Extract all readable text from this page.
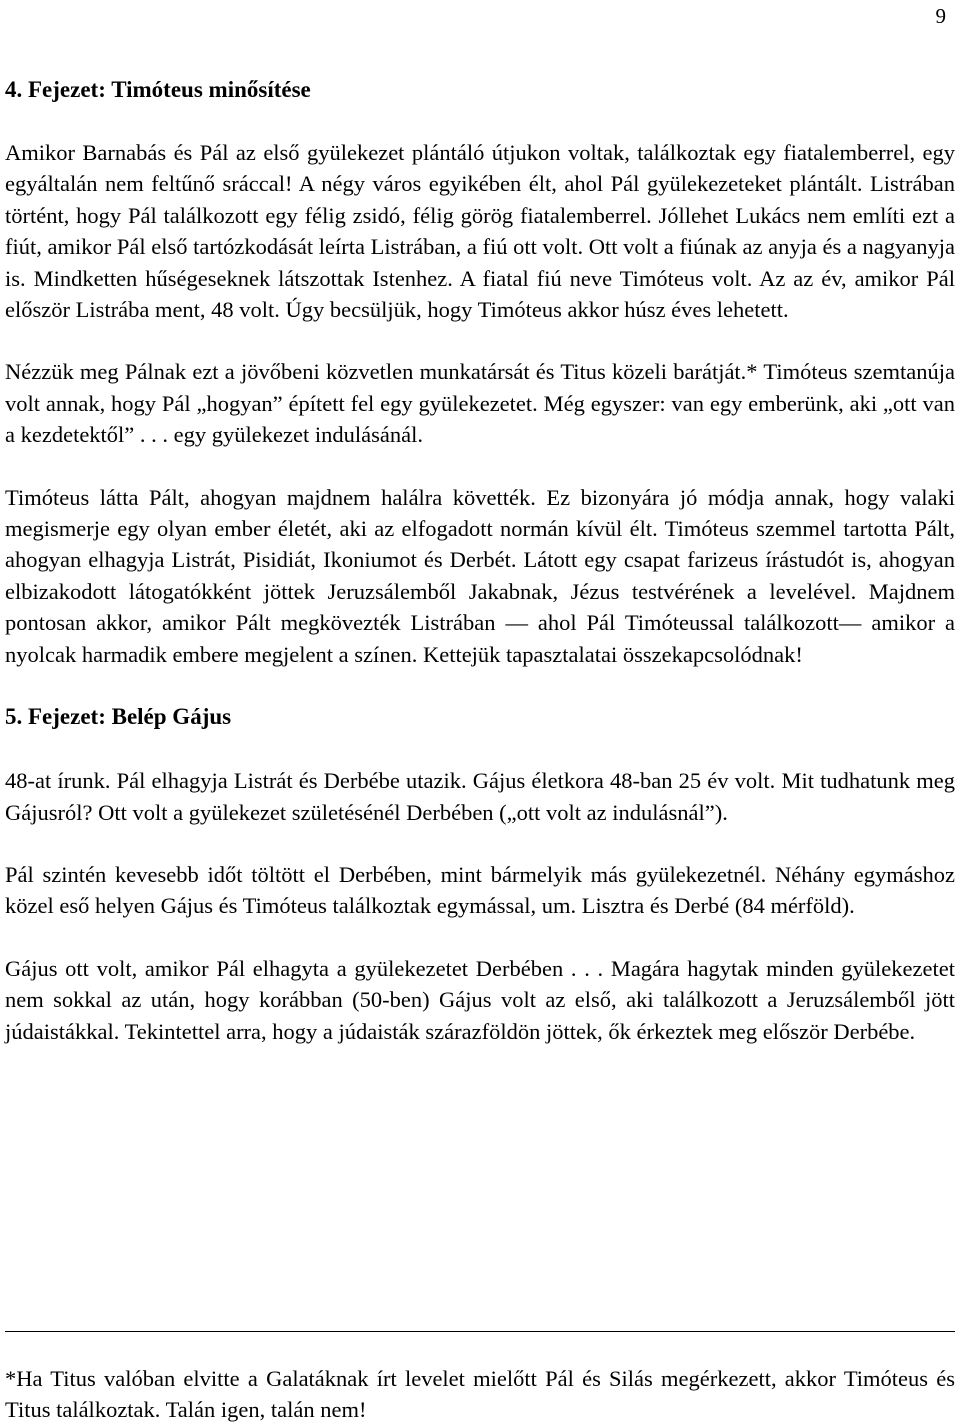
9
4. Fejezet: Timóteus minősítése

Amikor Barnabás és Pál az első gyülekezet plántáló útjukon voltak, találkoztak egy fiatalemberrel, egy egyáltalán nem feltűnő sráccal! A négy város egyikében élt, ahol Pál gyülekezeteket plántált. Listrában történt, hogy Pál találkozott egy félig zsidó, félig görög fiatalemberrel. Jóllehet Lukács nem említi ezt a fiút, amikor Pál első tartózkodását leírta Listrában, a fiú ott volt. Ott volt a fiúnak az anyja és a nagyanyja is. Mindketten hűségeseknek látszottak Istenhez. A fiatal fiú neve Timóteus volt. Az az év, amikor Pál először Listrába ment, 48 volt. Úgy becsüljük, hogy Timóteus akkor húsz éves lehetett.

Nézzük meg Pálnak ezt a jövőbeni közvetlen munkatársát és Titus közeli barátját.* Timóteus szemtanúja volt annak, hogy Pál „hogyan” épített fel egy gyülekezetet. Még egyszer: van egy emberünk, aki „ott van a kezdetektől” . . . egy gyülekezet indulásánál.

Timóteus látta Pált, ahogyan majdnem halálra követték. Ez bizonyára jó módja annak, hogy valaki megismerje egy olyan ember életét, aki az elfogadott normán kívül élt. Timóteus szemmel tartotta Pált, ahogyan elhagyja Listrát, Pisidiát, Ikoniumot és Derbét. Látott egy csapat farizeus írástudót is, ahogyan elbizakodott látogatókként jöttek Jeruzsálemből Jakabnak, Jézus testvérének a levelével. Majdnem pontosan akkor, amikor Pált megkövezték Listrában — ahol Pál Timóteussal találkozott— amikor a nyolcak harmadik embere megjelent a színen. Kettejük tapasztalatai összekapcsolódnak!

5. Fejezet: Belép Gájus

48-at írunk. Pál elhagyja Listrát és Derbébe utazik. Gájus életkora 48-ban 25 év volt. Mit tudhatunk meg Gájusról? Ott volt a gyülekezet születésénél Derbében („ott volt az indulásnál”).

Pál szintén kevesebb időt töltött el Derbében, mint bármelyik más gyülekezetnél. Néhány egymáshoz közel eső helyen Gájus és Timóteus találkoztak egymással, um. Lisztra és Derbé (84 mérföld).

Gájus ott volt, amikor Pál elhagyta a gyülekezetet Derbében . . . Magára hagytak minden gyülekezetet nem sokkal az után, hogy korábban (50-ben) Gájus volt az első, aki találkozott a Jeruzsálemből jött júdaistákkal. Tekintettel arra, hogy a júdaisták szárazföldön jöttek, ők érkeztek meg először Derbébe.

*Ha Titus valóban elvitte a Galatáknak írt levelet mielőtt Pál és Silás megérkezett, akkor Timóteus és Titus találkoztak. Talán igen, talán nem!
